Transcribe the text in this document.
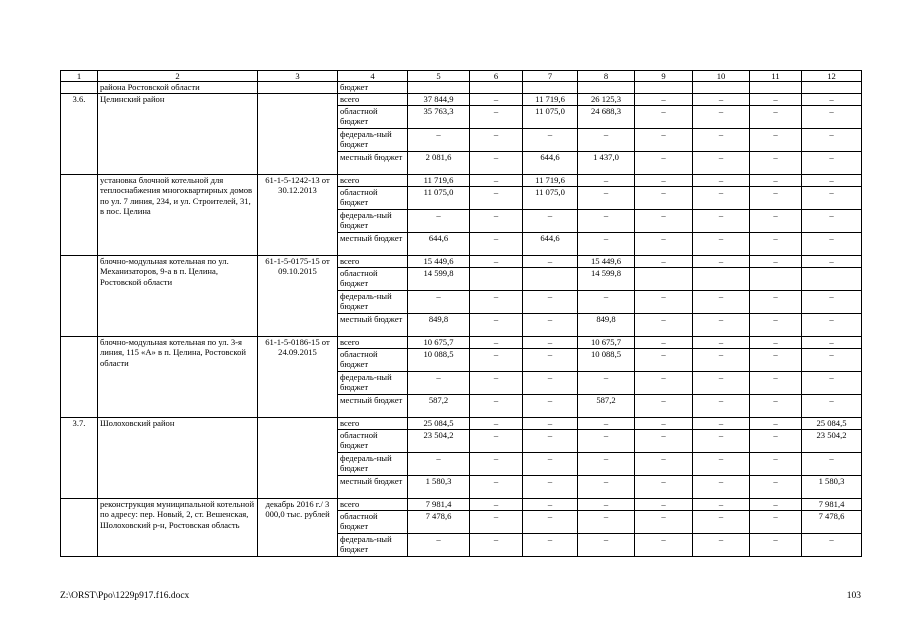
1	2	3	4	5	6	7	8	9	10	11	12
	района Ростовской области		бюджет								
3.6.	Целинский район		всего	37 844,9	–	11 719,6	26 125,3	–	–	–	–
			областной бюджет	35 763,3	–	11 075,0	24 688,3	–	–	–	–
			федераль-ный бюджет	–	–	–	–	–	–	–	–
			местный бюджет	2 081,6	–	644,6	1 437,0	–	–	–	–
	установка блочной котельной для теплоснабжения многоквартирных домов по ул. 7 линия, 234, и ул. Строителей, 31, в пос. Целина	61-1-5-1242-13 от 30.12.2013	всего	11 719,6	–	11 719,6	–	–	–	–	–
			областной бюджет	11 075,0	–	11 075,0	–	–	–	–	–
			федераль-ный бюджет	–	–	–	–	–	–	–	–
			местный бюджет	644,6	–	644,6	–	–	–	–	–
	блочно-модульная котельная по ул. Механизаторов, 9-а в п. Целина, Ростовской области	61-1-5-0175-15 от 09.10.2015	всего	15 449,6	–	–	15 449,6	–	–	–	–
			областной бюджет	14 599,8			14 599,8				
			федераль-ный бюджет	–	–	–	–	–	–	–	–
			местный бюджет	849,8	–	–	849,8	–	–	–	–
	блочно-модульная котельная по ул. 3-я линия, 115 «А» в п. Целина, Ростовской области	61-1-5-0186-15 от 24.09.2015	всего	10 675,7	–	–	10 675,7	–	–	–	–
			областной бюджет	10 088,5	–	–	10 088,5	–	–	–	–
			федераль-ный бюджет	–	–	–	–	–	–	–	–
			местный бюджет	587,2	–	–	587,2	–	–	–	–
3.7.	Шолоховский район		всего	25 084,5	–	–	–	–	–	–	25 084,5
			областной бюджет	23 504,2	–	–	–	–	–	–	23 504,2
			федераль-ный бюджет	–	–	–	–	–	–	–	–
			местный бюджет	1 580,3	–	–	–	–	–	–	1 580,3
	реконструкция муниципальной котельной по адресу: пер. Новый, 2, ст. Вешенская, Шолоховский р-н, Ростовская область	декабрь 2016 г./ 3 000,0 тыс. рублей	всего	7 981,4	–	–	–	–	–	–	7 981,4
			областной бюджет	7 478,6	–	–	–	–	–	–	7 478,6
			федераль-ный бюджет	–	–	–	–	–	–	–	–
Z:\ORST\Ppo\1229p917.f16.docx	103
